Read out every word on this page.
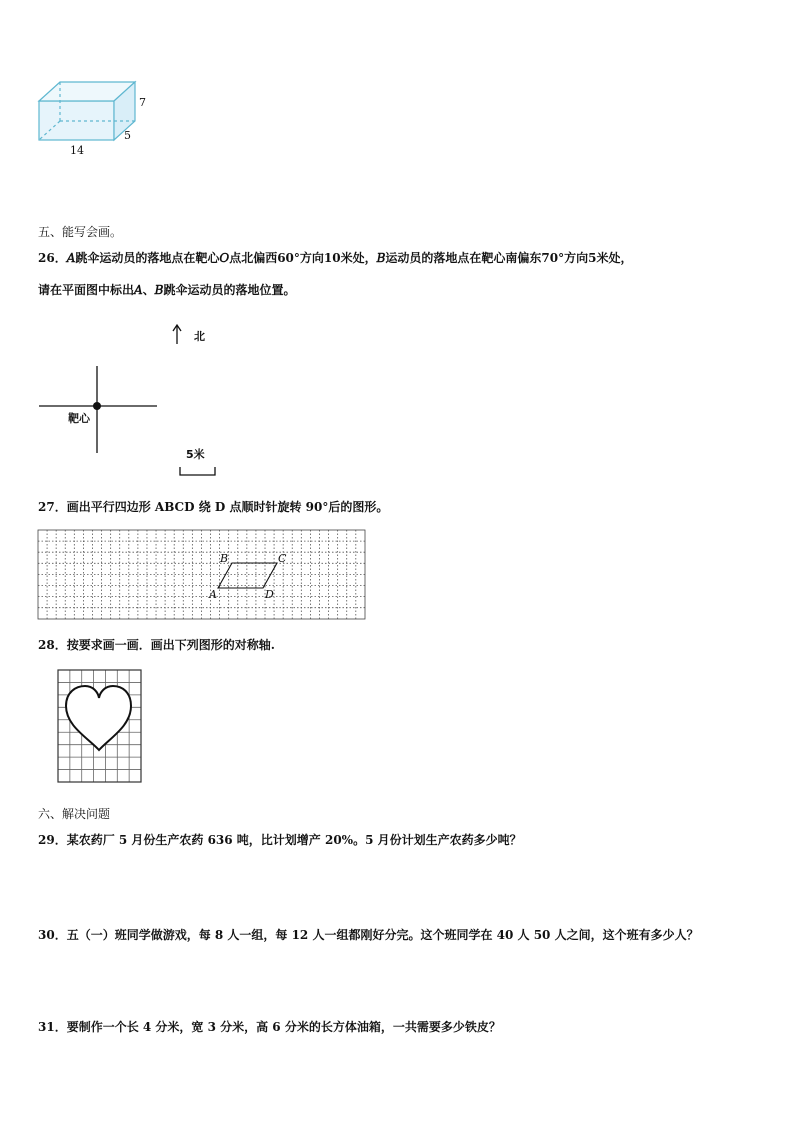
7
5
14
五、能写会画。
26．𝐴跳伞运动员的落地点在靶心𝑂点北偏西60°方向10米处，𝐵运动员的落地点在靶心南偏东70°方向5米处，
请在平面图中标出𝐴、𝐵跳伞运动员的落地位置。
北
靶心
5米
27．画出平行四边形 ABCD 绕 D 点顺时针旋转 90°后的图形。
A
B	C
D
28．按要求画一画．画出下列图形的对称轴.
六、解决问题
29．某农药厂 5 月份生产农药 636 吨，比计划增产 20%。5 月份计划生产农药多少吨？
30．五（一）班同学做游戏，每 8 人一组，每 12 人一组都刚好分完。这个班同学在 40 人 50 人之间，这个班有多少人？
31．要制作一个长 4 分米，宽 3 分米，高 6 分米的长方体油箱，一共需要多少铁皮？
